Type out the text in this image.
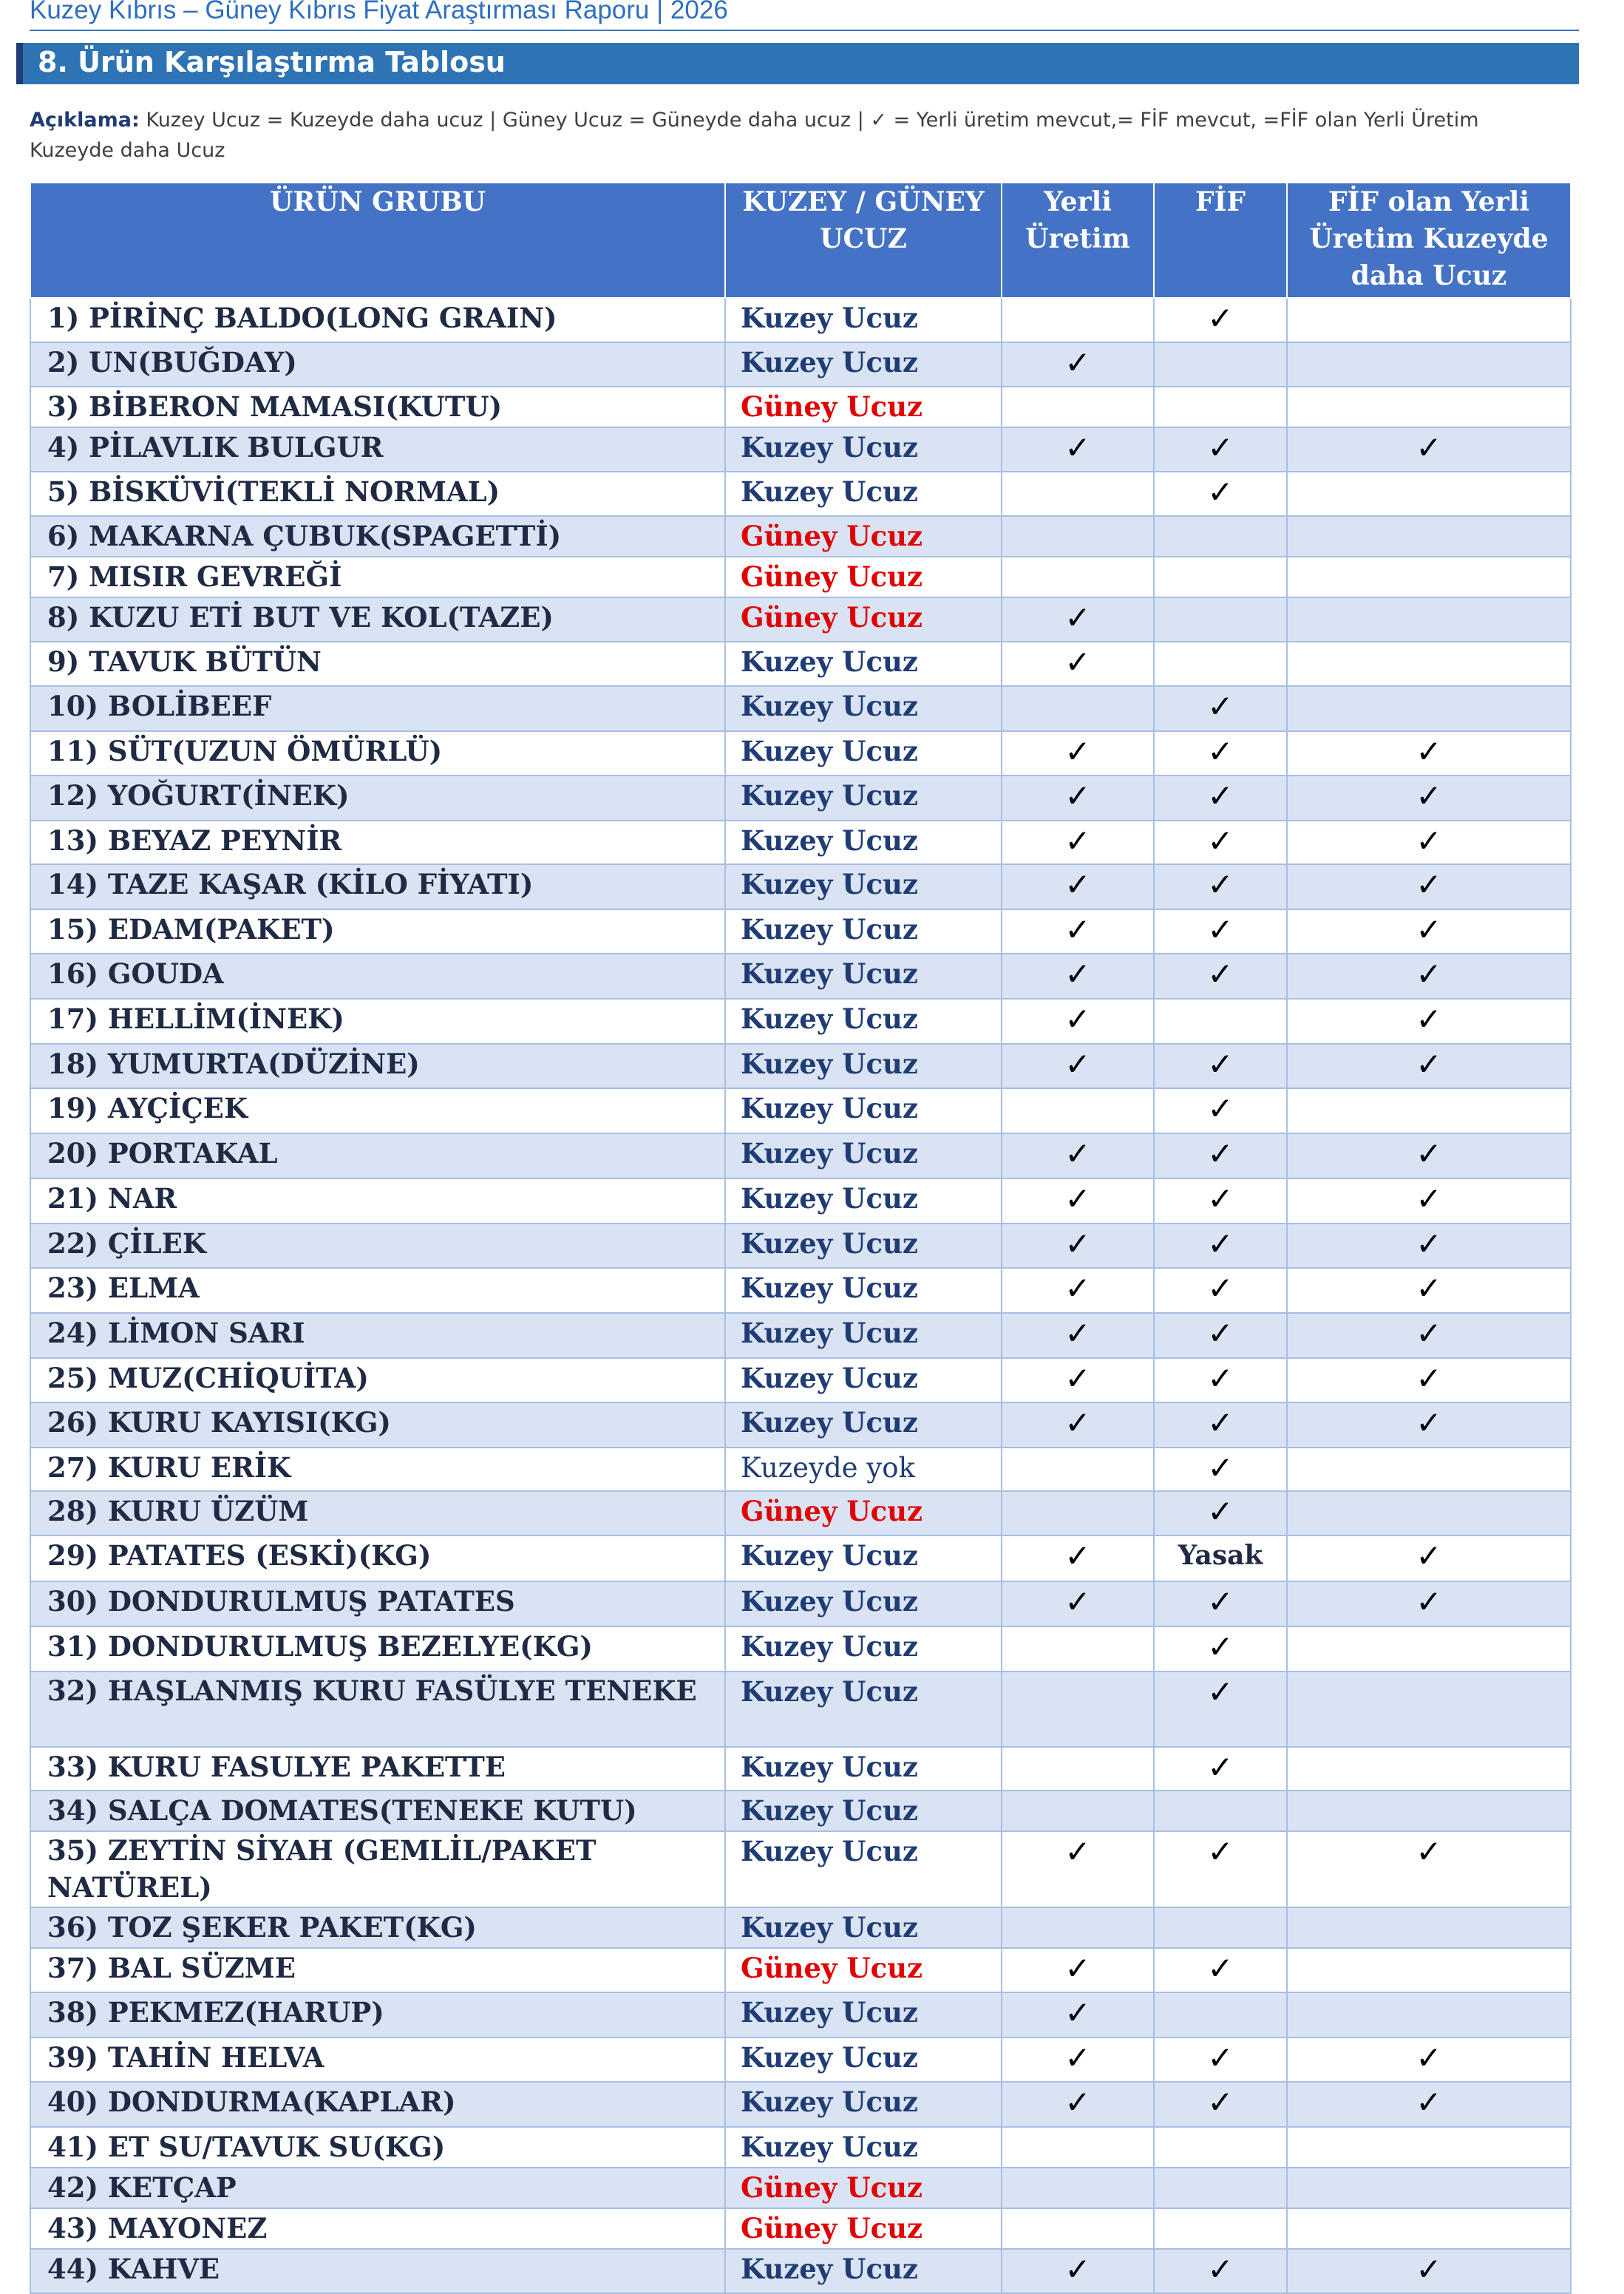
Kuzey Kıbrıs – Güney Kıbrıs Fiyat Araştırması Raporu | 2026
8. Ürün Karşılaştırma Tablosu
Açıklama: Kuzey Ucuz = Kuzeyde daha ucuz | Güney Ucuz = Güneyde daha ucuz | ✓ = Yerli üretim mevcut,= FİF mevcut, =FİF olan Yerli Üretim Kuzeyde daha Ucuz
ÜRÜN GRUBU	KUZEY / GÜNEY UCUZ	Yerli Üretim	FİF	FİF olan Yerli Üretim Kuzeyde daha Ucuz
1) PİRİNÇ BALDO(LONG GRAIN)	Kuzey Ucuz		✓	
2) UN(BUĞDAY)	Kuzey Ucuz	✓		
3) BİBERON MAMASI(KUTU)	Güney Ucuz			
4) PİLAVLIK BULGUR	Kuzey Ucuz	✓	✓	✓
5) BİSKÜVİ(TEKLİ NORMAL)	Kuzey Ucuz		✓	
6) MAKARNA ÇUBUK(SPAGETTİ)	Güney Ucuz			
7) MISIR GEVREĞİ	Güney Ucuz			
8) KUZU ETİ BUT VE KOL(TAZE)	Güney Ucuz	✓		
9) TAVUK BÜTÜN	Kuzey Ucuz	✓		
10) BOLİBEEF	Kuzey Ucuz		✓	
11) SÜT(UZUN ÖMÜRLÜ)	Kuzey Ucuz	✓	✓	✓
12) YOĞURT(İNEK)	Kuzey Ucuz	✓	✓	✓
13) BEYAZ PEYNİR	Kuzey Ucuz	✓	✓	✓
14) TAZE KAŞAR (KİLO FİYATI)	Kuzey Ucuz	✓	✓	✓
15) EDAM(PAKET)	Kuzey Ucuz	✓	✓	✓
16) GOUDA	Kuzey Ucuz	✓	✓	✓
17) HELLİM(İNEK)	Kuzey Ucuz	✓		✓
18) YUMURTA(DÜZİNE)	Kuzey Ucuz	✓	✓	✓
19) AYÇİÇEK	Kuzey Ucuz		✓	
20) PORTAKAL	Kuzey Ucuz	✓	✓	✓
21) NAR	Kuzey Ucuz	✓	✓	✓
22) ÇİLEK	Kuzey Ucuz	✓	✓	✓
23) ELMA	Kuzey Ucuz	✓	✓	✓
24) LİMON SARI	Kuzey Ucuz	✓	✓	✓
25) MUZ(CHİQUİTA)	Kuzey Ucuz	✓	✓	✓
26) KURU KAYISI(KG)	Kuzey Ucuz	✓	✓	✓
27) KURU ERİK	Kuzeyde yok		✓	
28) KURU ÜZÜM	Güney Ucuz		✓	
29) PATATES (ESKİ)(KG)	Kuzey Ucuz	✓	Yasak	✓
30) DONDURULMUŞ PATATES	Kuzey Ucuz	✓	✓	✓
31) DONDURULMUŞ BEZELYE(KG)	Kuzey Ucuz		✓	
32) HAŞLANMIŞ KURU FASÜLYE TENEKE	Kuzey Ucuz		✓	
33) KURU FASULYE PAKETTE	Kuzey Ucuz		✓	
34) SALÇA DOMATES(TENEKE KUTU)	Kuzey Ucuz			
35) ZEYTİN SİYAH (GEMLİL/PAKET NATÜREL)	Kuzey Ucuz	✓	✓	✓
36) TOZ ŞEKER PAKET(KG)	Kuzey Ucuz			
37) BAL SÜZME	Güney Ucuz	✓	✓	
38) PEKMEZ(HARUP)	Kuzey Ucuz	✓		
39) TAHİN HELVA	Kuzey Ucuz	✓	✓	✓
40) DONDURMA(KAPLAR)	Kuzey Ucuz	✓	✓	✓
41) ET SU/TAVUK SU(KG)	Kuzey Ucuz			
42) KETÇAP	Güney Ucuz			
43) MAYONEZ	Güney Ucuz			
44) KAHVE	Kuzey Ucuz	✓	✓	✓
